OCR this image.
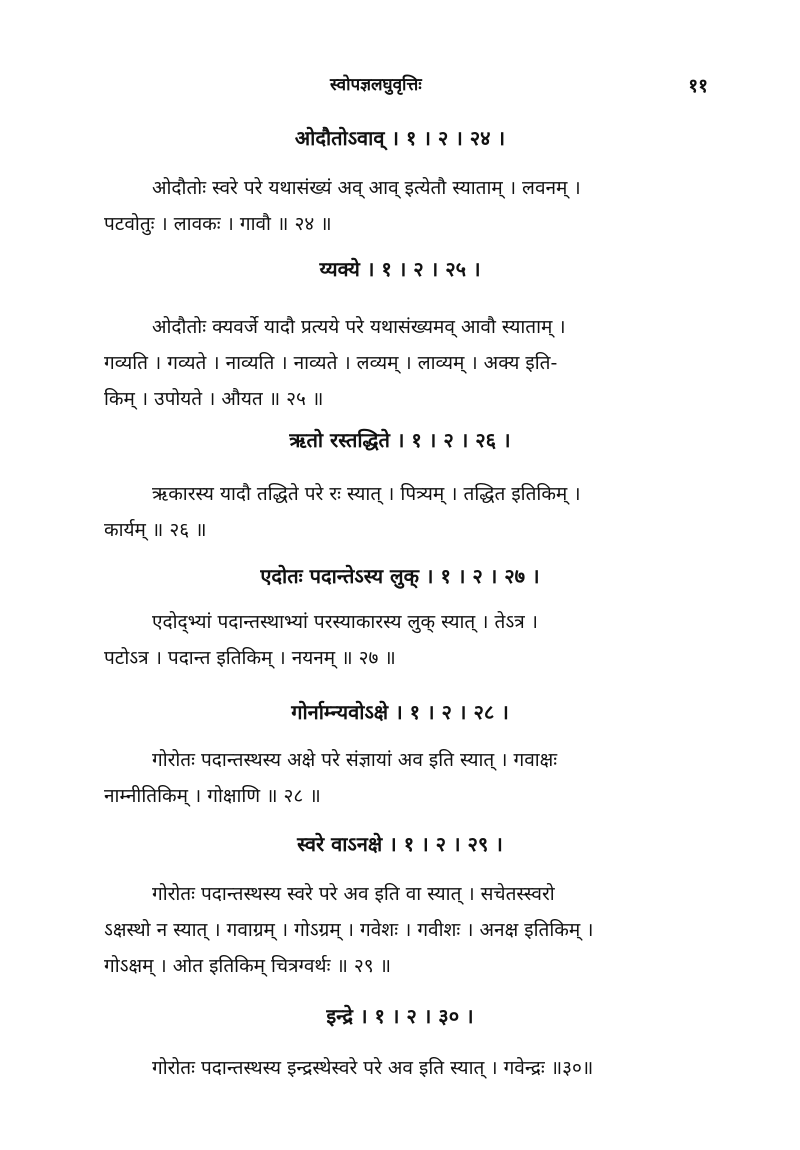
स्वोपज्ञलघुवृत्तिः	११
ओदौतोऽवाव् । १ । २ । २४ ।
ओदौतोः स्वरे परे यथासंख्यं अव् आव् इत्येतौ स्याताम् । लवनम् ।
पटवोतुः । लावकः । गावौ ॥ २४ ॥
य्यक्ये । १ । २ । २५ ।
ओदौतोः क्यवर्जे यादौ प्रत्यये परे यथासंख्यमव् आवौ स्याताम् ।
गव्यति । गव्यते । नाव्यति । नाव्यते । लव्यम् । लाव्यम् । अक्य इति-
किम् । उपोयते । औयत ॥ २५ ॥
ऋतो रस्तद्धिते । १ । २ । २६ ।
ऋकारस्य यादौ तद्धिते परे रः स्यात् । पित्र्यम् । तद्धित इतिकिम् ।
कार्यम् ॥ २६ ॥
एदोतः पदान्तेऽस्य लुक् । १ । २ । २७ ।
एदोद्भ्यां पदान्तस्थाभ्यां परस्याकारस्य लुक् स्यात् । तेऽत्र ।
पटोऽत्र । पदान्त इतिकिम् । नयनम् ॥ २७ ॥
गोर्नाम्न्यवोऽक्षे । १ । २ । २८ ।
गोरोतः पदान्तस्थस्य अक्षे परे संज्ञायां अव इति स्यात् । गवाक्षः
नाम्नीतिकिम् । गोक्षाणि ॥ २८ ॥
स्वरे वाऽनक्षे । १ । २ । २९ ।
गोरोतः पदान्तस्थस्य स्वरे परे अव इति वा स्यात् । सचेतस्स्वरो
ऽक्षस्थो न स्यात् । गवाग्रम् । गोऽग्रम् । गवेशः । गवीशः । अनक्ष इतिकिम् ।
गोऽक्षम् । ओत इतिकिम् चित्रग्वर्थः ॥ २९ ॥
इन्द्रे । १ । २ । ३० ।
गोरोतः पदान्तस्थस्य इन्द्रस्थेस्वरे परे अव इति स्यात् । गवेन्द्रः ॥३०॥
